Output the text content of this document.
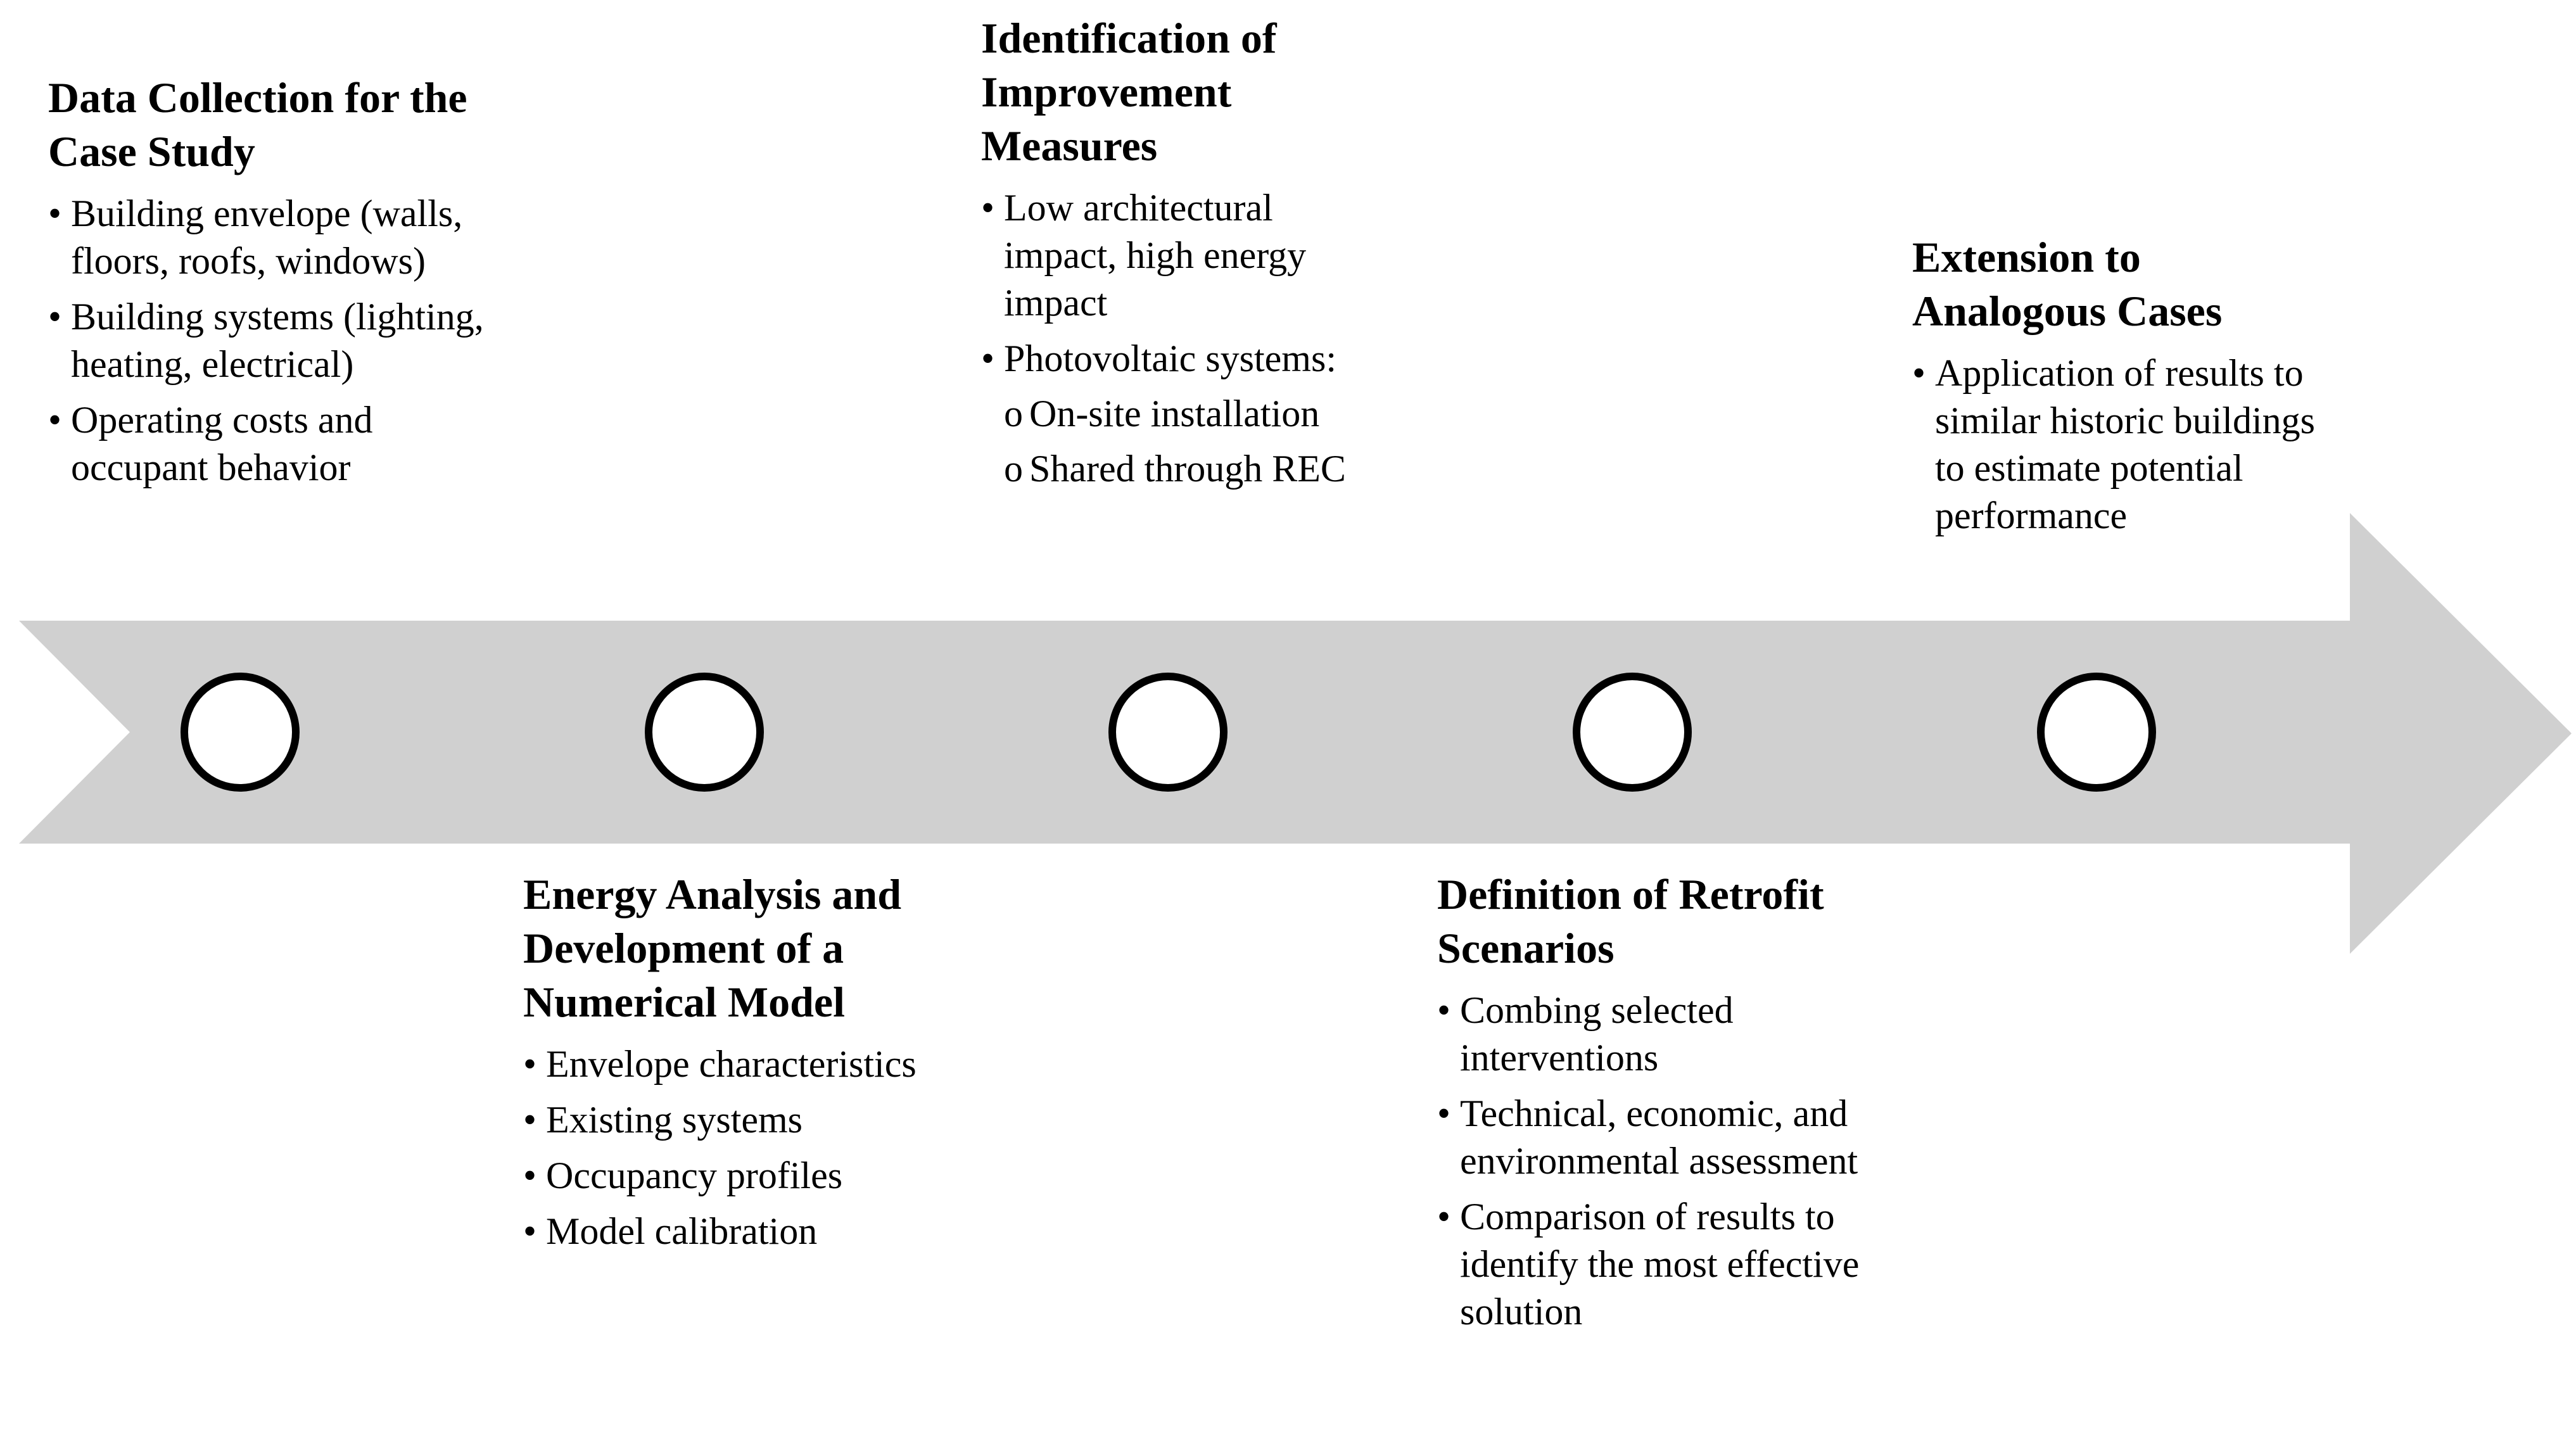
Data Collection for the Case Study
• Building envelope (walls, floors, roofs, windows)
• Building systems (lighting, heating, electrical)
• Operating costs and occupant behavior
Energy Analysis and Development of a Numerical Model
• Envelope characteristics
• Existing systems
• Occupancy profiles
• Model calibration
Identification of Improvement Measures
• Low architectural impact, high energy impact
• Photovoltaic systems:
o On-site installation
o Shared through REC
Definition of Retrofit Scenarios
• Combing selected interventions
• Technical, economic, and environmental assessment
• Comparison of results to identify the most effective solution
Extension to Analogous Cases
• Application of results to similar historic buildings to estimate potential performance
